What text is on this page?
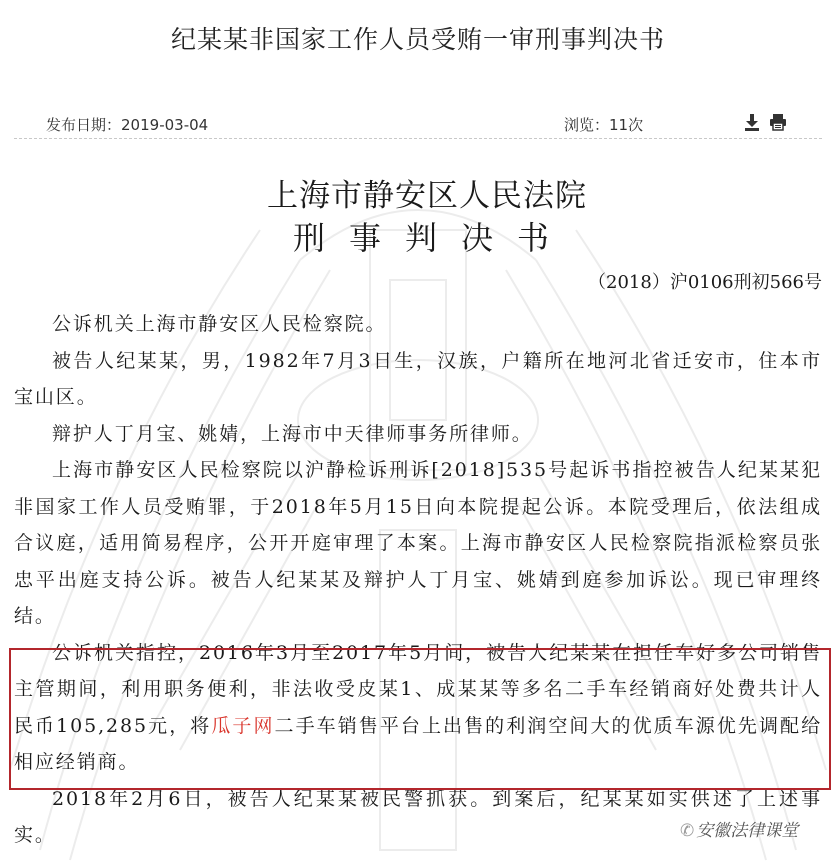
纪某某非国家工作人员受贿一审刑事判决书
发布日期：2019-03-04	浏览：11次
上海市静安区人民法院
刑事判决书
（2018）沪0106刑初566号

公诉机关上海市静安区人民检察院。

被告人纪某某，男，1982年7月3日生，汉族，户籍所在地河北省迁安市，住本市宝山区。

辩护人丁月宝、姚婧，上海市中天律师事务所律师。

上海市静安区人民检察院以沪静检诉刑诉[2018]535号起诉书指控被告人纪某某犯非国家工作人员受贿罪，于2018年5月15日向本院提起公诉。本院受理后，依法组成合议庭，适用简易程序，公开开庭审理了本案。上海市静安区人民检察院指派检察员张忠平出庭支持公诉。被告人纪某某及辩护人丁月宝、姚婧到庭参加诉讼。现已审理终结。

公诉机关指控，2016年3月至2017年5月间，被告人纪某某在担任车好多公司销售主管期间，利用职务便利，非法收受皮某1、成某某等多名二手车经销商好处费共计人民币105,285元，将瓜子网二手车销售平台上出售的利润空间大的优质车源优先调配给相应经销商。

2018年2月6日，被告人纪某某被民警抓获。到案后，纪某某如实供述了上述事实。	✆ 安徽法律课堂
